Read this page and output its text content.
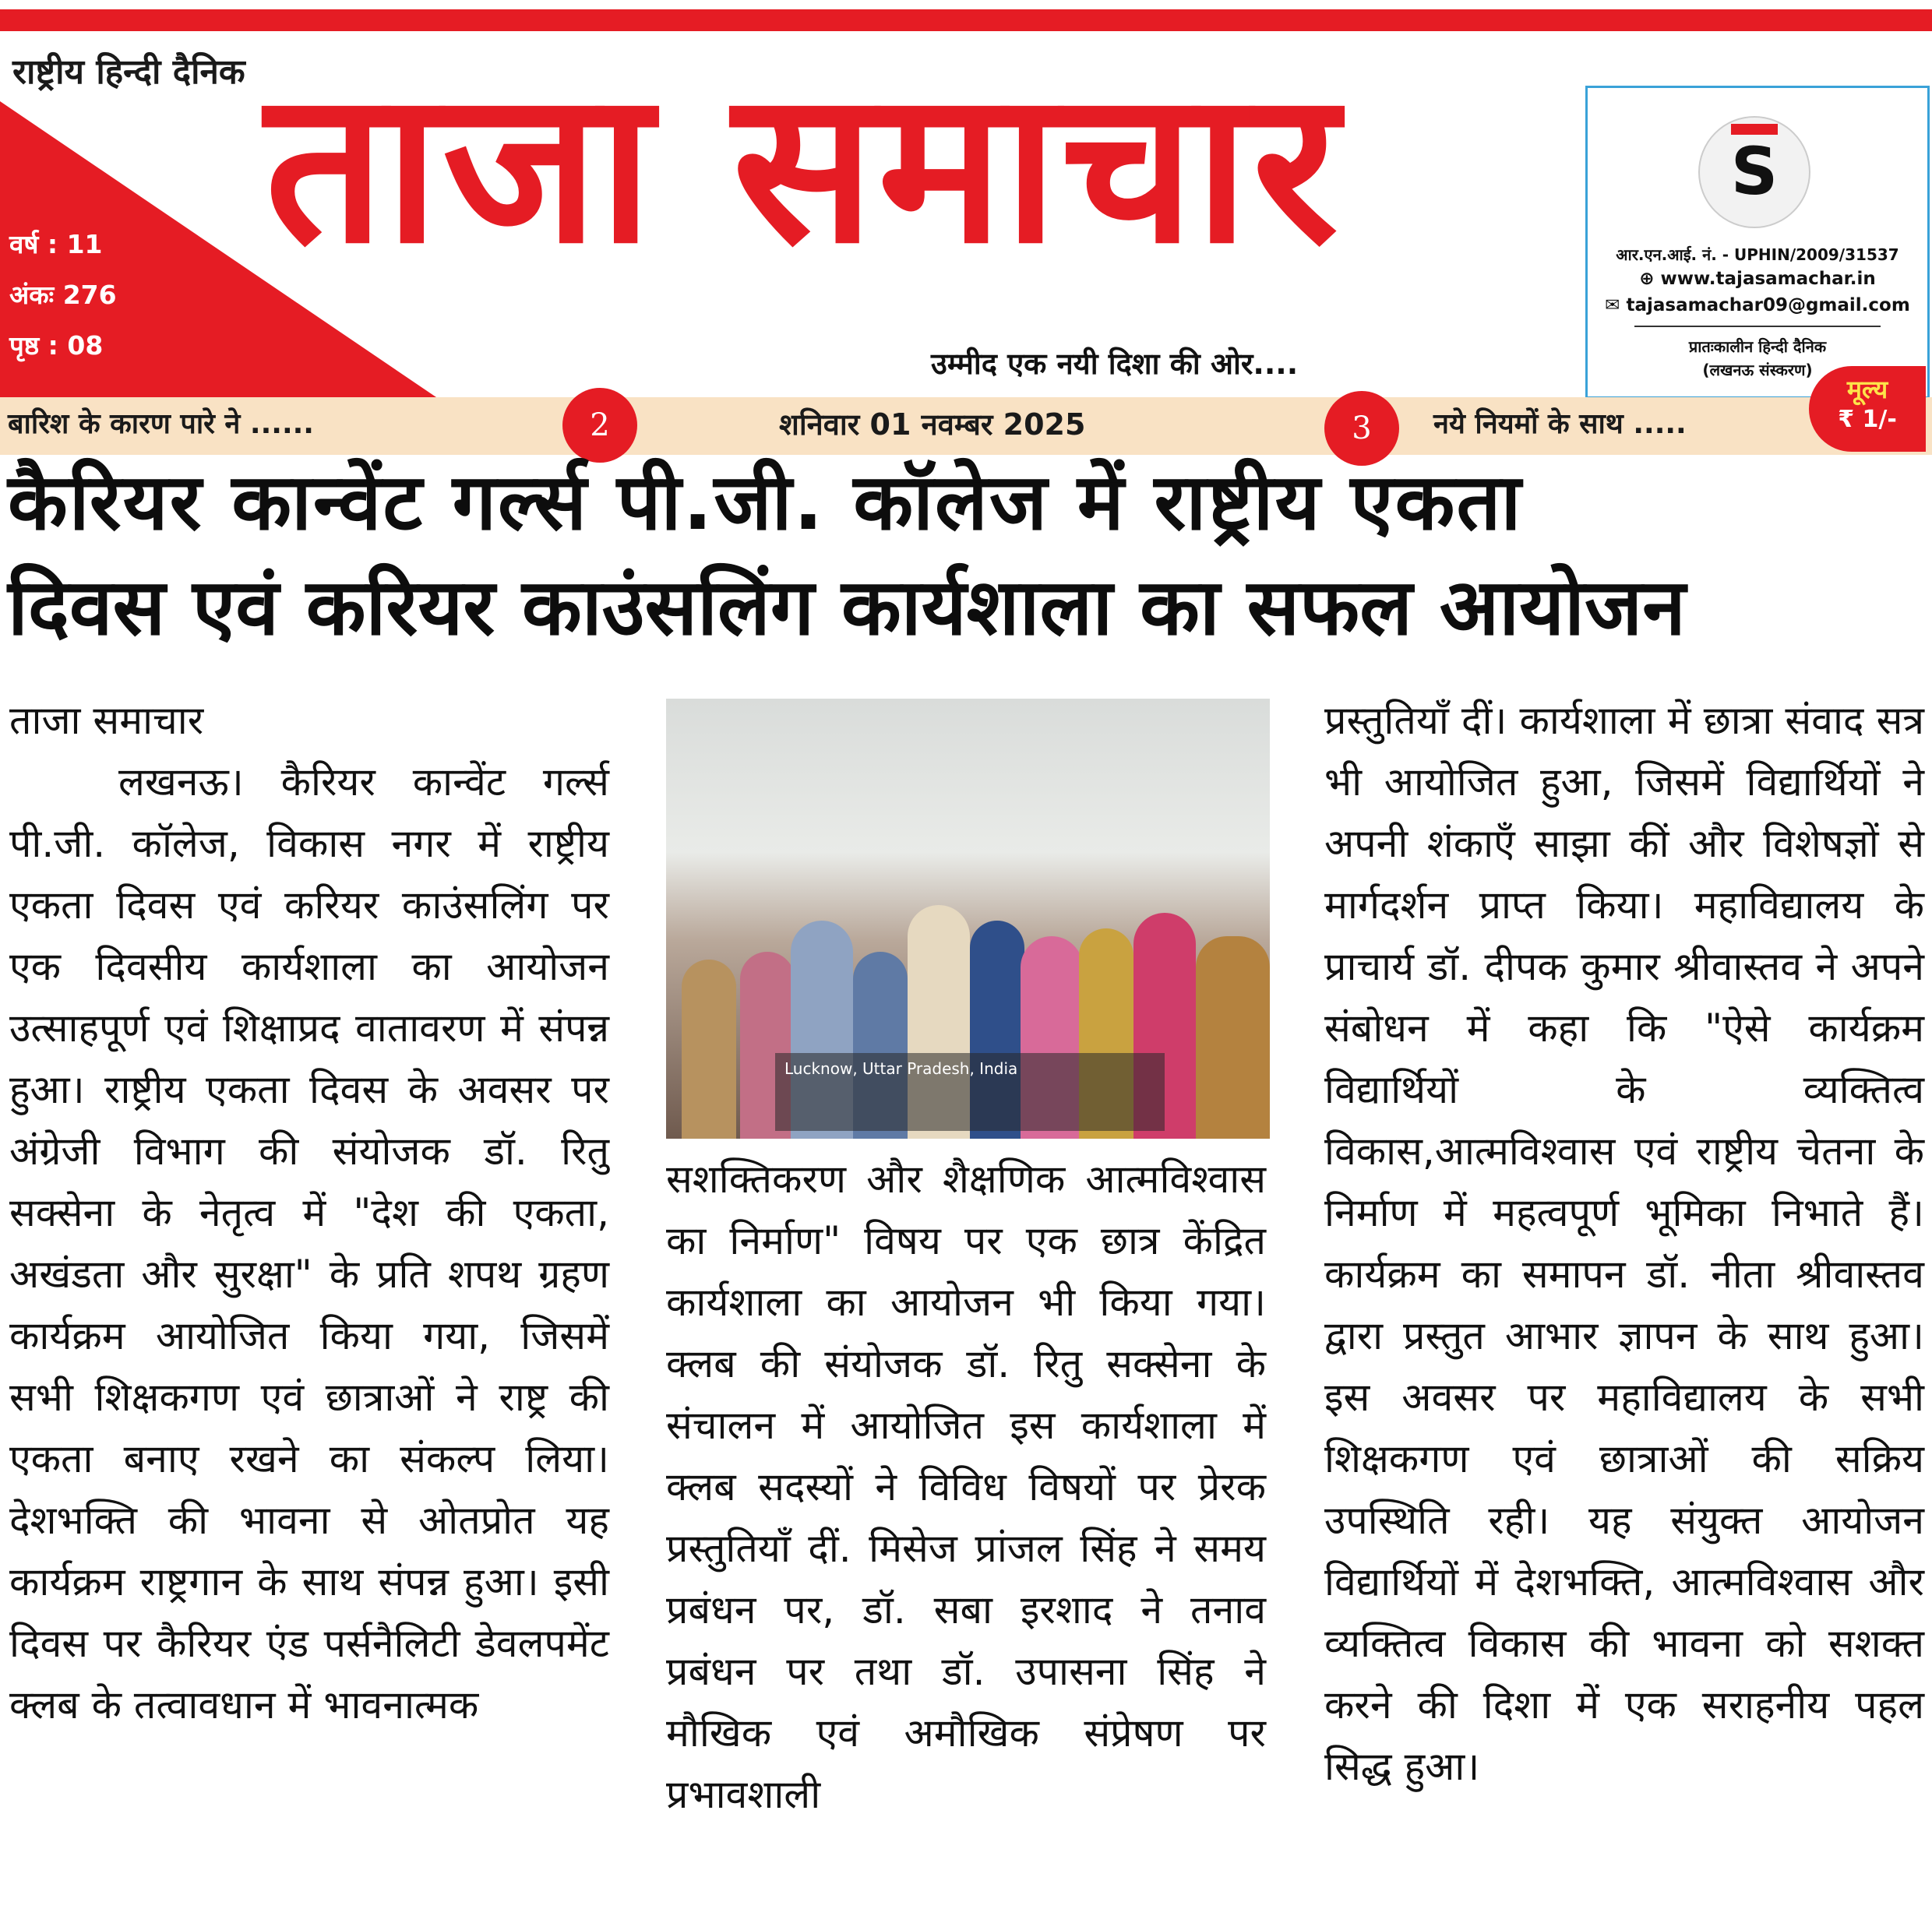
राष्ट्रीय हिन्दी दैनिक
वर्ष : 11
अंकः 276
पृष्ठ : 08
ताजा समाचार
उम्मीद एक नयी दिशा की ओर....
S
आर.एन.आई. नं. - UPHIN/2009/31537
⊕ www.tajasamachar.in
✉ tajasamachar09@gmail.com
प्रातःकालीन हिन्दी दैनिक
(लखनऊ संस्करण)
बारिश के कारण पारे ने ......	2	शनिवार 01 नवम्बर 2025	3	नये नियमों के साथ .....
मूल्य
₹ 1/-
कैरियर कान्वेंट गर्ल्स पी.जी. कॉलेज में राष्ट्रीय एकता
दिवस एवं करियर काउंसलिंग कार्यशाला का सफल आयोजन

ताजा समाचार

लखनऊ। कैरियर कान्वेंट गर्ल्स पी.जी. कॉलेज, विकास नगर में राष्ट्रीय एकता दिवस एवं करियर काउंसलिंग पर एक दिवसीय कार्यशाला का आयोजन उत्साहपूर्ण एवं शिक्षाप्रद वातावरण में संपन्न हुआ। राष्ट्रीय एकता दिवस के अवसर पर अंग्रेजी विभाग की संयोजक डॉ. रितु सक्सेना के नेतृत्व में "देश की एकता, अखंडता और सुरक्षा" के प्रति शपथ ग्रहण कार्यक्रम आयोजित किया गया, जिसमें सभी शिक्षकगण एवं छात्राओं ने राष्ट्र की एकता बनाए रखने का संकल्प लिया। देशभक्ति की भावना से ओतप्रोत यह कार्यक्रम राष्ट्रगान के साथ संपन्न हुआ। इसी दिवस पर कैरियर एंड पर्सनैलिटी डेवलपमेंट क्लब के तत्वावधान में भावनात्मक

Lucknow, Uttar Pradesh, India

सशक्तिकरण और शैक्षणिक आत्मविश्वास का निर्माण" विषय पर एक छात्र केंद्रित कार्यशाला का आयोजन भी किया गया। क्लब की संयोजक डॉ. रितु सक्सेना के संचालन में आयोजित इस कार्यशाला में क्लब सदस्यों ने विविध विषयों पर प्रेरक प्रस्तुतियाँ दीं. मिसेज प्रांजल सिंह ने समय प्रबंधन पर, डॉ. सबा इरशाद ने तनाव प्रबंधन पर तथा डॉ. उपासना सिंह ने मौखिक एवं अमौखिक संप्रेषण पर प्रभावशाली

प्रस्तुतियाँ दीं। कार्यशाला में छात्रा संवाद सत्र भी आयोजित हुआ, जिसमें विद्यार्थियों ने अपनी शंकाएँ साझा कीं और विशेषज्ञों से मार्गदर्शन प्राप्त किया। महाविद्यालय के प्राचार्य डॉ. दीपक कुमार श्रीवास्तव ने अपने संबोधन में कहा कि "ऐसे कार्यक्रम विद्यार्थियों के व्यक्तित्व विकास,आत्मविश्वास एवं राष्ट्रीय चेतना के निर्माण में महत्वपूर्ण भूमिका निभाते हैं। कार्यक्रम का समापन डॉ. नीता श्रीवास्तव द्वारा प्रस्तुत आभार ज्ञापन के साथ हुआ। इस अवसर पर महाविद्यालय के सभी शिक्षकगण एवं छात्राओं की सक्रिय उपस्थिति रही। यह संयुक्त आयोजन विद्यार्थियों में देशभक्ति, आत्मविश्वास और व्यक्तित्व विकास की भावना को सशक्त करने की दिशा में एक सराहनीय पहल सिद्ध हुआ।
